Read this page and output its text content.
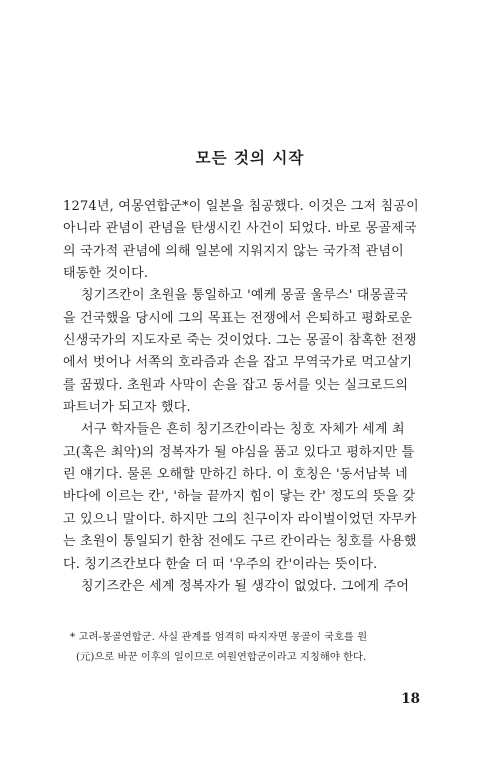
모든 것의 시작
1274년, 여몽연합군*이 일본을 침공했다. 이것은 그저 침공이
아니라 관념이 관념을 탄생시킨 사건이 되었다. 바로 몽골제국
의 국가적 관념에 의해 일본에 지워지지 않는 국가적 관념이
태동한 것이다.
칭기즈칸이 초원을 통일하고 '예케 몽골 울루스' 대몽골국
을 건국했을 당시에 그의 목표는 전쟁에서 은퇴하고 평화로운
신생국가의 지도자로 죽는 것이었다. 그는 몽골이 참혹한 전쟁
에서 벗어나 서쪽의 호라즘과 손을 잡고 무역국가로 먹고살기
를 꿈꿨다. 초원과 사막이 손을 잡고 동서를 잇는 실크로드의
파트너가 되고자 했다.
서구 학자들은 흔히 칭기즈칸이라는 칭호 자체가 세계 최
고(혹은 최악)의 정복자가 될 야심을 품고 있다고 평하지만 틀
린 얘기다. 물론 오해할 만하긴 하다. 이 호칭은 '동서남북 네
바다에 이르는 칸', '하늘 끝까지 힘이 닿는 칸' 정도의 뜻을 갖
고 있으니 말이다. 하지만 그의 친구이자 라이벌이었던 자무카
는 초원이 통일되기 한참 전에도 구르 칸이라는 칭호를 사용했
다. 칭기즈칸보다 한술 더 떠 '우주의 칸'이라는 뜻이다.
칭기즈칸은 세계 정복자가 될 생각이 없었다. 그에게 주어
* 고려-몽골연합군. 사실 관계를 엄격히 따지자면 몽골이 국호를 원
(元)으로 바꾼 이후의 일이므로 여원연합군이라고 지칭해야 한다.
18
